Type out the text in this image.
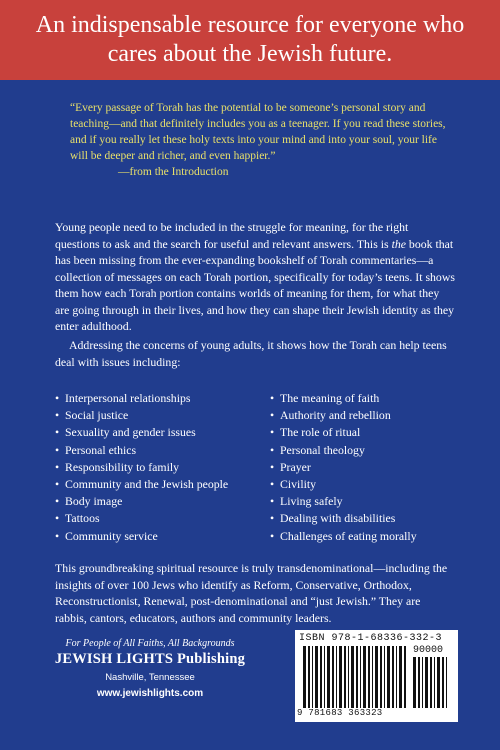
An indispensable resource for everyone who cares about the Jewish future.
“Every passage of Torah has the potential to be someone’s personal story and teaching—and that definitely includes you as a teenager. If you read these stories, and if you really let these holy texts into your mind and into your soul, your life will be deeper and richer, and even happier.”
—from the Introduction
Young people need to be included in the struggle for meaning, for the right questions to ask and the search for useful and relevant answers. This is the book that has been missing from the ever-expanding bookshelf of Torah commentaries—a collection of messages on each Torah portion, specifically for today’s teens. It shows them how each Torah portion contains worlds of meaning for them, for what they are going through in their lives, and how they can shape their Jewish identity as they enter adulthood.
Addressing the concerns of young adults, it shows how the Torah can help teens deal with issues including:
• Interpersonal relationships
• Social justice
• Sexuality and gender issues
• Personal ethics
• Responsibility to family
• Community and the Jewish people
• Body image
• Tattoos
• Community service
• The meaning of faith
• Authority and rebellion
• The role of ritual
• Personal theology
• Prayer
• Civility
• Living safely
• Dealing with disabilities
• Challenges of eating morally
This groundbreaking spiritual resource is truly transdenominational—including the insights of over 100 Jews who identify as Reform, Conservative, Orthodox, Reconstructionist, Renewal, post-denominational and “just Jewish.” They are rabbis, cantors, educators, authors and community leaders.
For People of All Faiths, All Backgrounds
JEWISH LIGHTS Publishing
Nashville, Tennessee
www.jewishlights.com
ISBN 978-1-68336-332-3
90000
9 781683 363323
